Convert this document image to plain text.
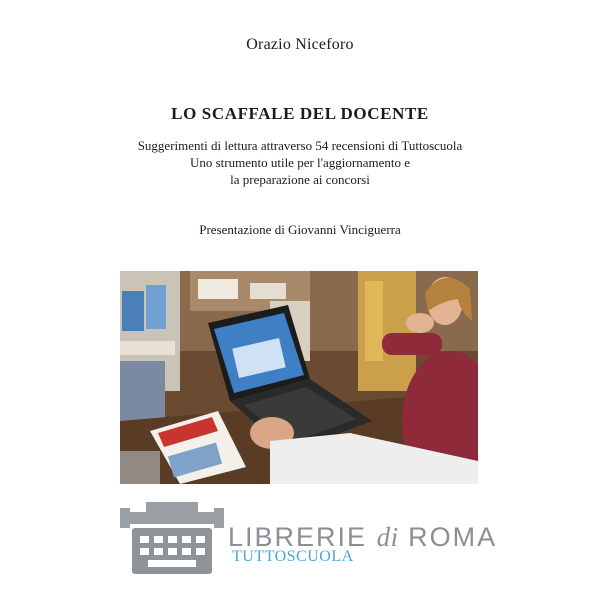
Orazio Niceforo
LO SCAFFALE DEL DOCENTE
Suggerimenti di lettura attraverso 54 recensioni di Tuttoscuola
Uno strumento utile per l'aggiornamento e
la preparazione ai concorsi
Presentazione di Giovanni Vinciguerra
LIBRERIE di ROMA
TUTTOSCUOLA
